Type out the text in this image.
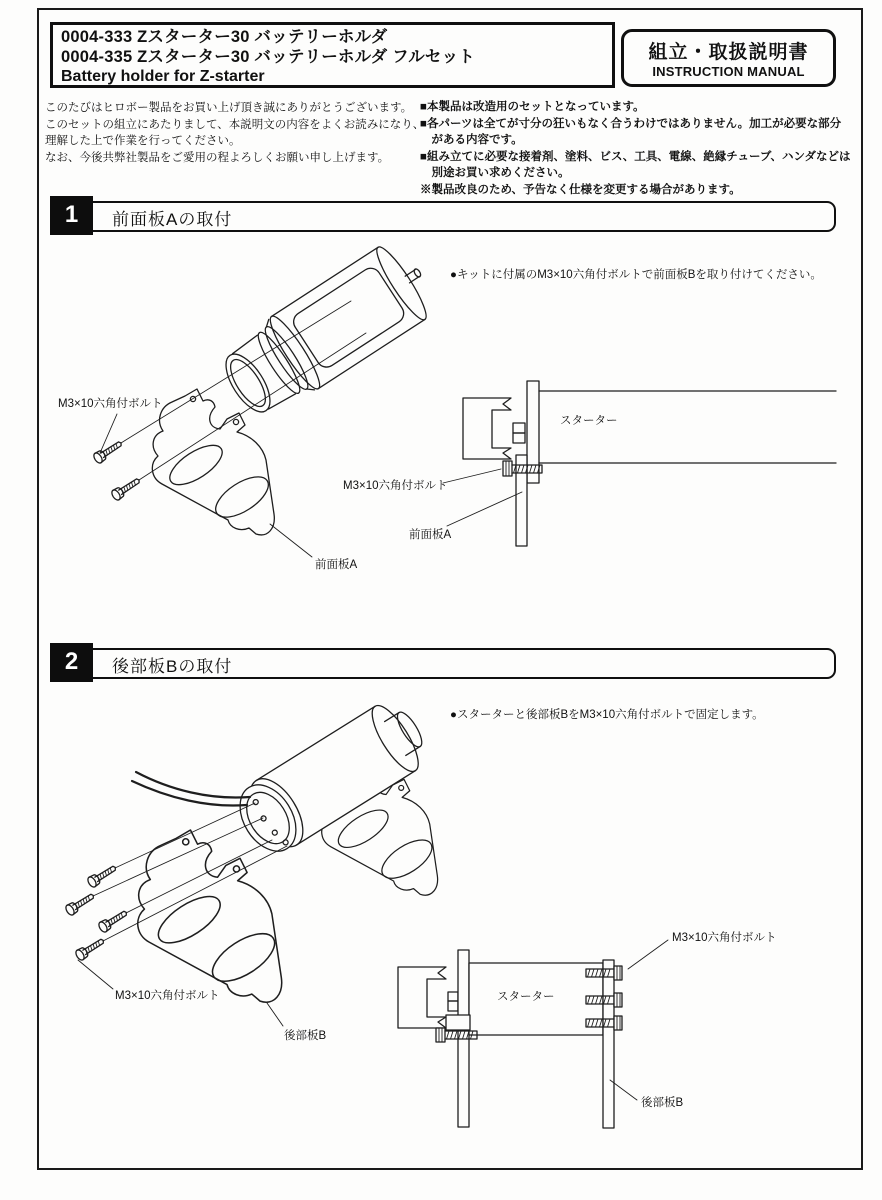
0004-333 Zスターター30 バッテリーホルダ
0004-335 Zスターター30 バッテリーホルダ フルセット
Battery holder for Z-starter
組立・取扱説明書
INSTRUCTION MANUAL
このたびはヒロボー製品をお買い上げ頂き誠にありがとうございます。
このセットの組立にあたりまして、本説明文の内容をよくお読みになり、
理解した上で作業を行ってください。
なお、今後共弊社製品をご愛用の程よろしくお願い申し上げます。
■本製品は改造用のセットとなっています。
■各パーツは全てが寸分の狂いもなく合うわけではありません。加工が必要な部分
　がある内容です。
■組み立てに必要な接着剤、塗料、ビス、工具、電線、絶縁チューブ、ハンダなどは
　別途お買い求めください。
※製品改良のため、予告なく仕様を変更する場合があります。
1	前面板Aの取付
●キットに付属のM3×10六角付ボルトで前面板Bを取り付けてください。
M3×10六角付ボルト
前面板A
スターター
M3×10六角付ボルト
前面板A
2	後部板Bの取付
●スターターと後部板BをM3×10六角付ボルトで固定します。
M3×10六角付ボルト
後部板B
M3×10六角付ボルト
スターター
後部板B
